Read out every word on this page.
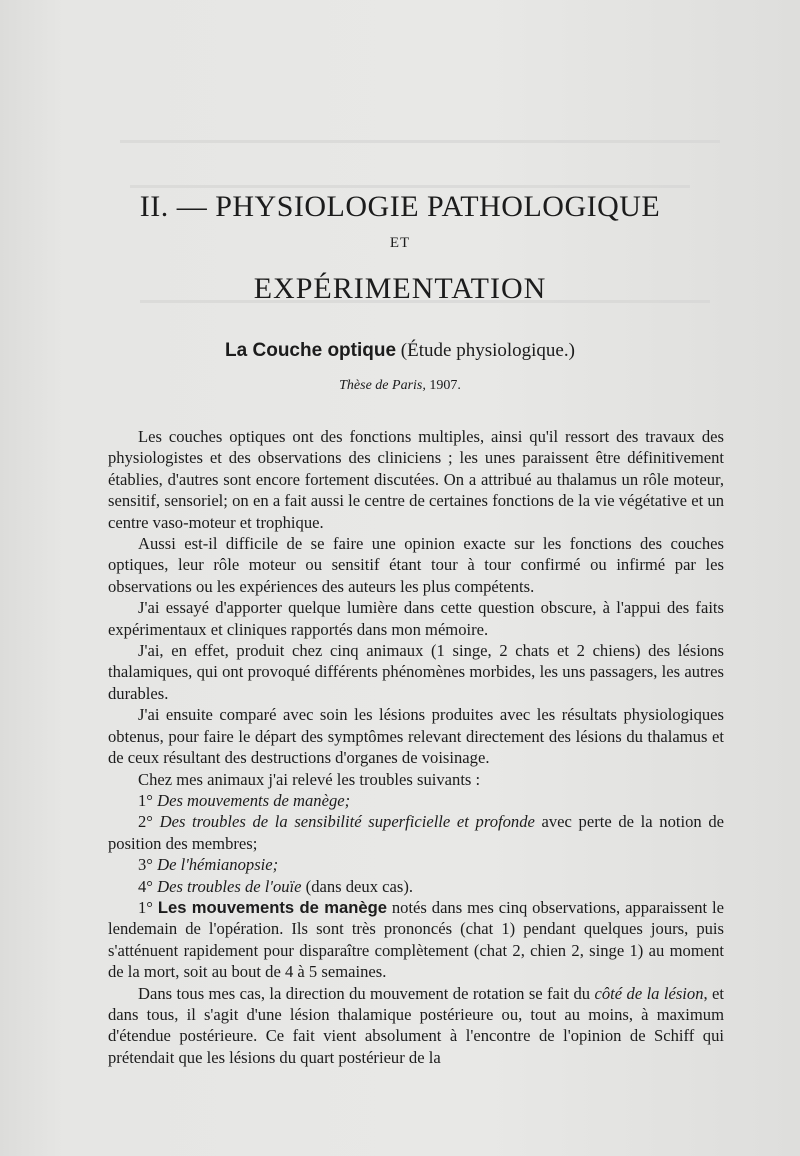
II. — PHYSIOLOGIE PATHOLOGIQUE
ET
EXPÉRIMENTATION
La Couche optique (Étude physiologique.)
Thèse de Paris, 1907.

Les couches optiques ont des fonctions multiples, ainsi qu'il ressort des travaux des physiologistes et des observations des cliniciens ; les unes paraissent être définitivement établies, d'autres sont encore fortement discutées. On a attribué au thalamus un rôle moteur, sensitif, sensoriel; on en a fait aussi le centre de certaines fonctions de la vie végétative et un centre vaso-moteur et trophique.

Aussi est-il difficile de se faire une opinion exacte sur les fonctions des couches optiques, leur rôle moteur ou sensitif étant tour à tour confirmé ou infirmé par les observations ou les expériences des auteurs les plus compétents.

J'ai essayé d'apporter quelque lumière dans cette question obscure, à l'appui des faits expérimentaux et cliniques rapportés dans mon mémoire.

J'ai, en effet, produit chez cinq animaux (1 singe, 2 chats et 2 chiens) des lésions thalamiques, qui ont provoqué différents phénomènes morbides, les uns passagers, les autres durables.

J'ai ensuite comparé avec soin les lésions produites avec les résultats physiologiques obtenus, pour faire le départ des symptômes relevant directement des lésions du thalamus et de ceux résultant des destructions d'organes de voisinage.

Chez mes animaux j'ai relevé les troubles suivants :

1° Des mouvements de manège;

2° Des troubles de la sensibilité superficielle et profonde avec perte de la notion de position des membres;

3° De l'hémianopsie;

4° Des troubles de l'ouïe (dans deux cas).

1° Les mouvements de manège notés dans mes cinq observations, apparaissent le lendemain de l'opération. Ils sont très prononcés (chat 1) pendant quelques jours, puis s'atténuent rapidement pour disparaître complètement (chat 2, chien 2, singe 1) au moment de la mort, soit au bout de 4 à 5 semaines.

Dans tous mes cas, la direction du mouvement de rotation se fait du côté de la lésion, et dans tous, il s'agit d'une lésion thalamique postérieure ou, tout au moins, à maximum d'étendue postérieure. Ce fait vient absolument à l'encontre de l'opinion de Schiff qui prétendait que les lésions du quart postérieur de la
